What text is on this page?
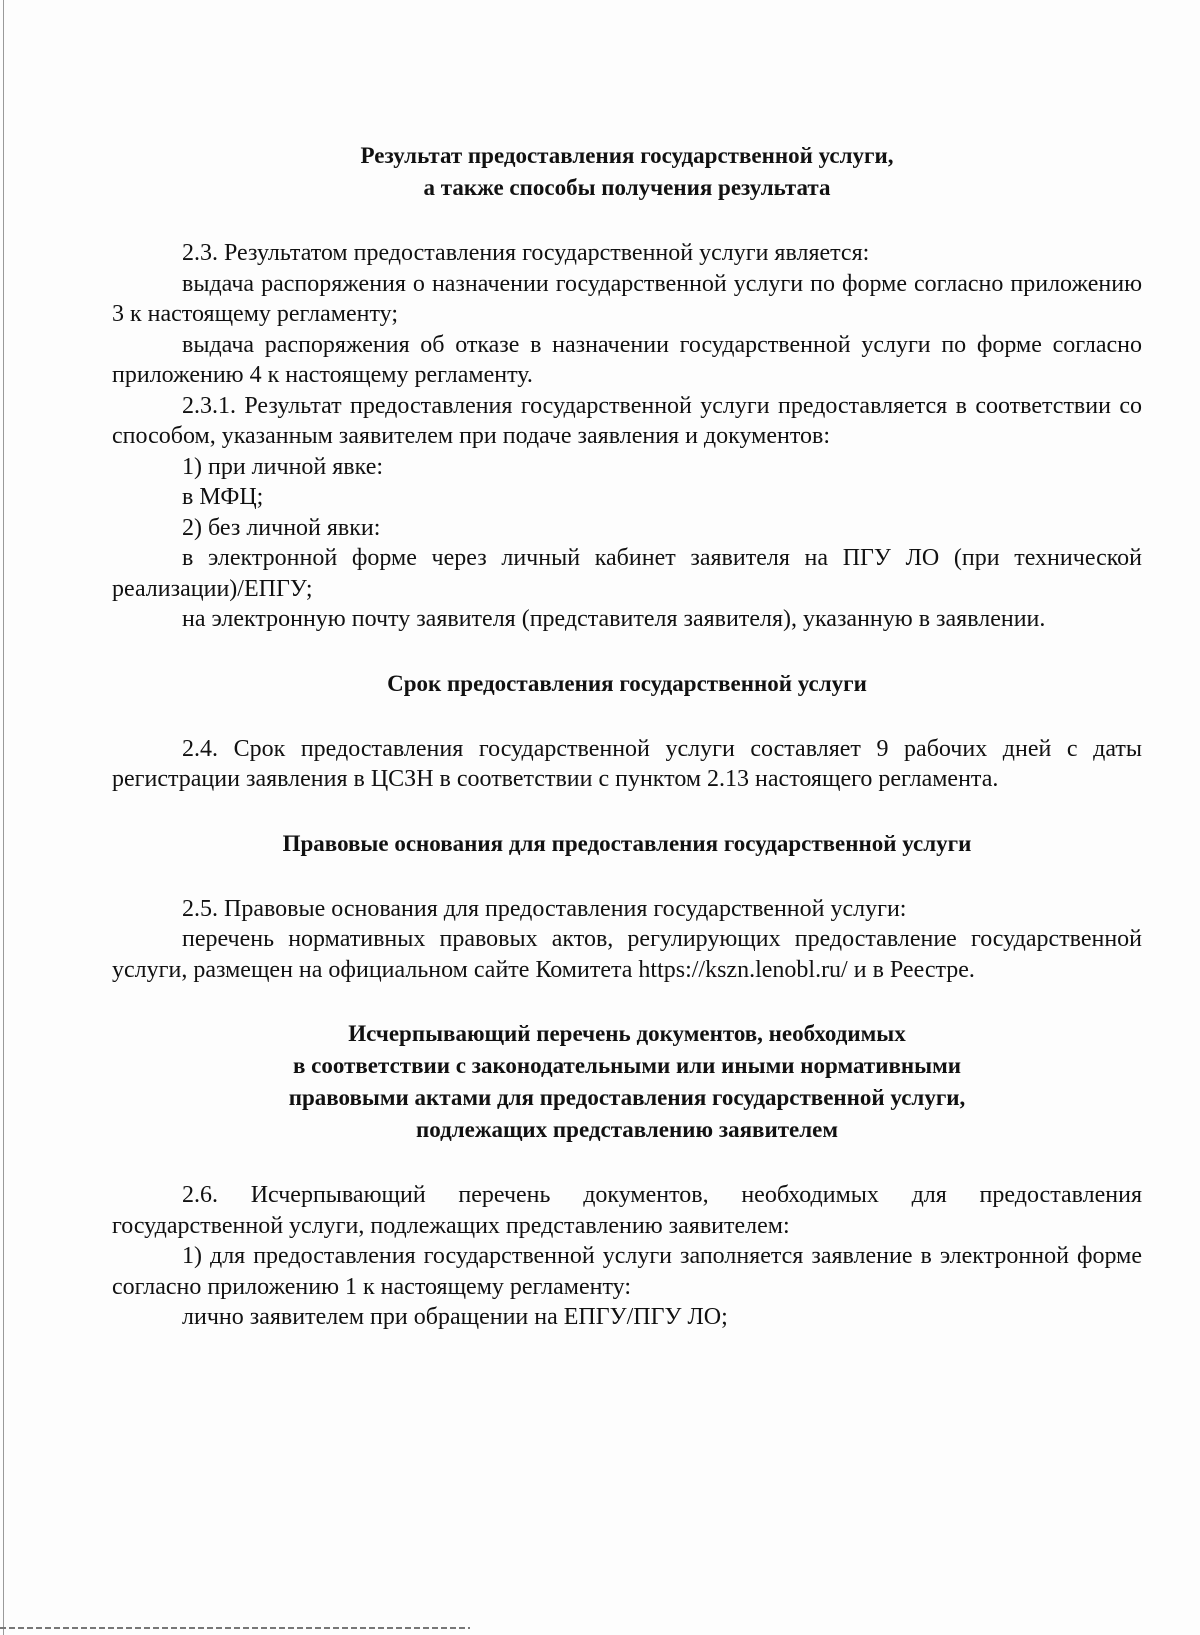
Результат предоставления государственной услуги,
а также способы получения результата

2.3. Результатом предоставления государственной услуги является:

выдача распоряжения о назначении государственной услуги по форме согласно приложению 3 к настоящему регламенту;

выдача распоряжения об отказе в назначении государственной услуги по форме согласно приложению 4 к настоящему регламенту.

2.3.1. Результат предоставления государственной услуги предоставляется в соответствии со способом, указанным заявителем при подаче заявления и документов:

1) при личной явке:

в МФЦ;

2) без личной явки:

в электронной форме через личный кабинет заявителя на ПГУ ЛО (при технической реализации)/ЕПГУ;

на электронную почту заявителя (представителя заявителя), указанную в заявлении.

Срок предоставления государственной услуги

2.4. Срок предоставления государственной услуги составляет 9 рабочих дней с даты регистрации заявления в ЦСЗН в соответствии с пунктом 2.13 настоящего регламента.

Правовые основания для предоставления государственной услуги

2.5. Правовые основания для предоставления государственной услуги:

перечень нормативных правовых актов, регулирующих предоставление государственной услуги, размещен на официальном сайте Комитета https://kszn.lenobl.ru/ и в Реестре.

Исчерпывающий перечень документов, необходимых
в соответствии с законодательными или иными нормативными
правовыми актами для предоставления государственной услуги,
подлежащих представлению заявителем

2.6. Исчерпывающий перечень документов, необходимых для предоставления государственной услуги, подлежащих представлению заявителем:

1) для предоставления государственной услуги заполняется заявление в электронной форме согласно приложению 1 к настоящему регламенту:

лично заявителем при обращении на ЕПГУ/ПГУ ЛО;
